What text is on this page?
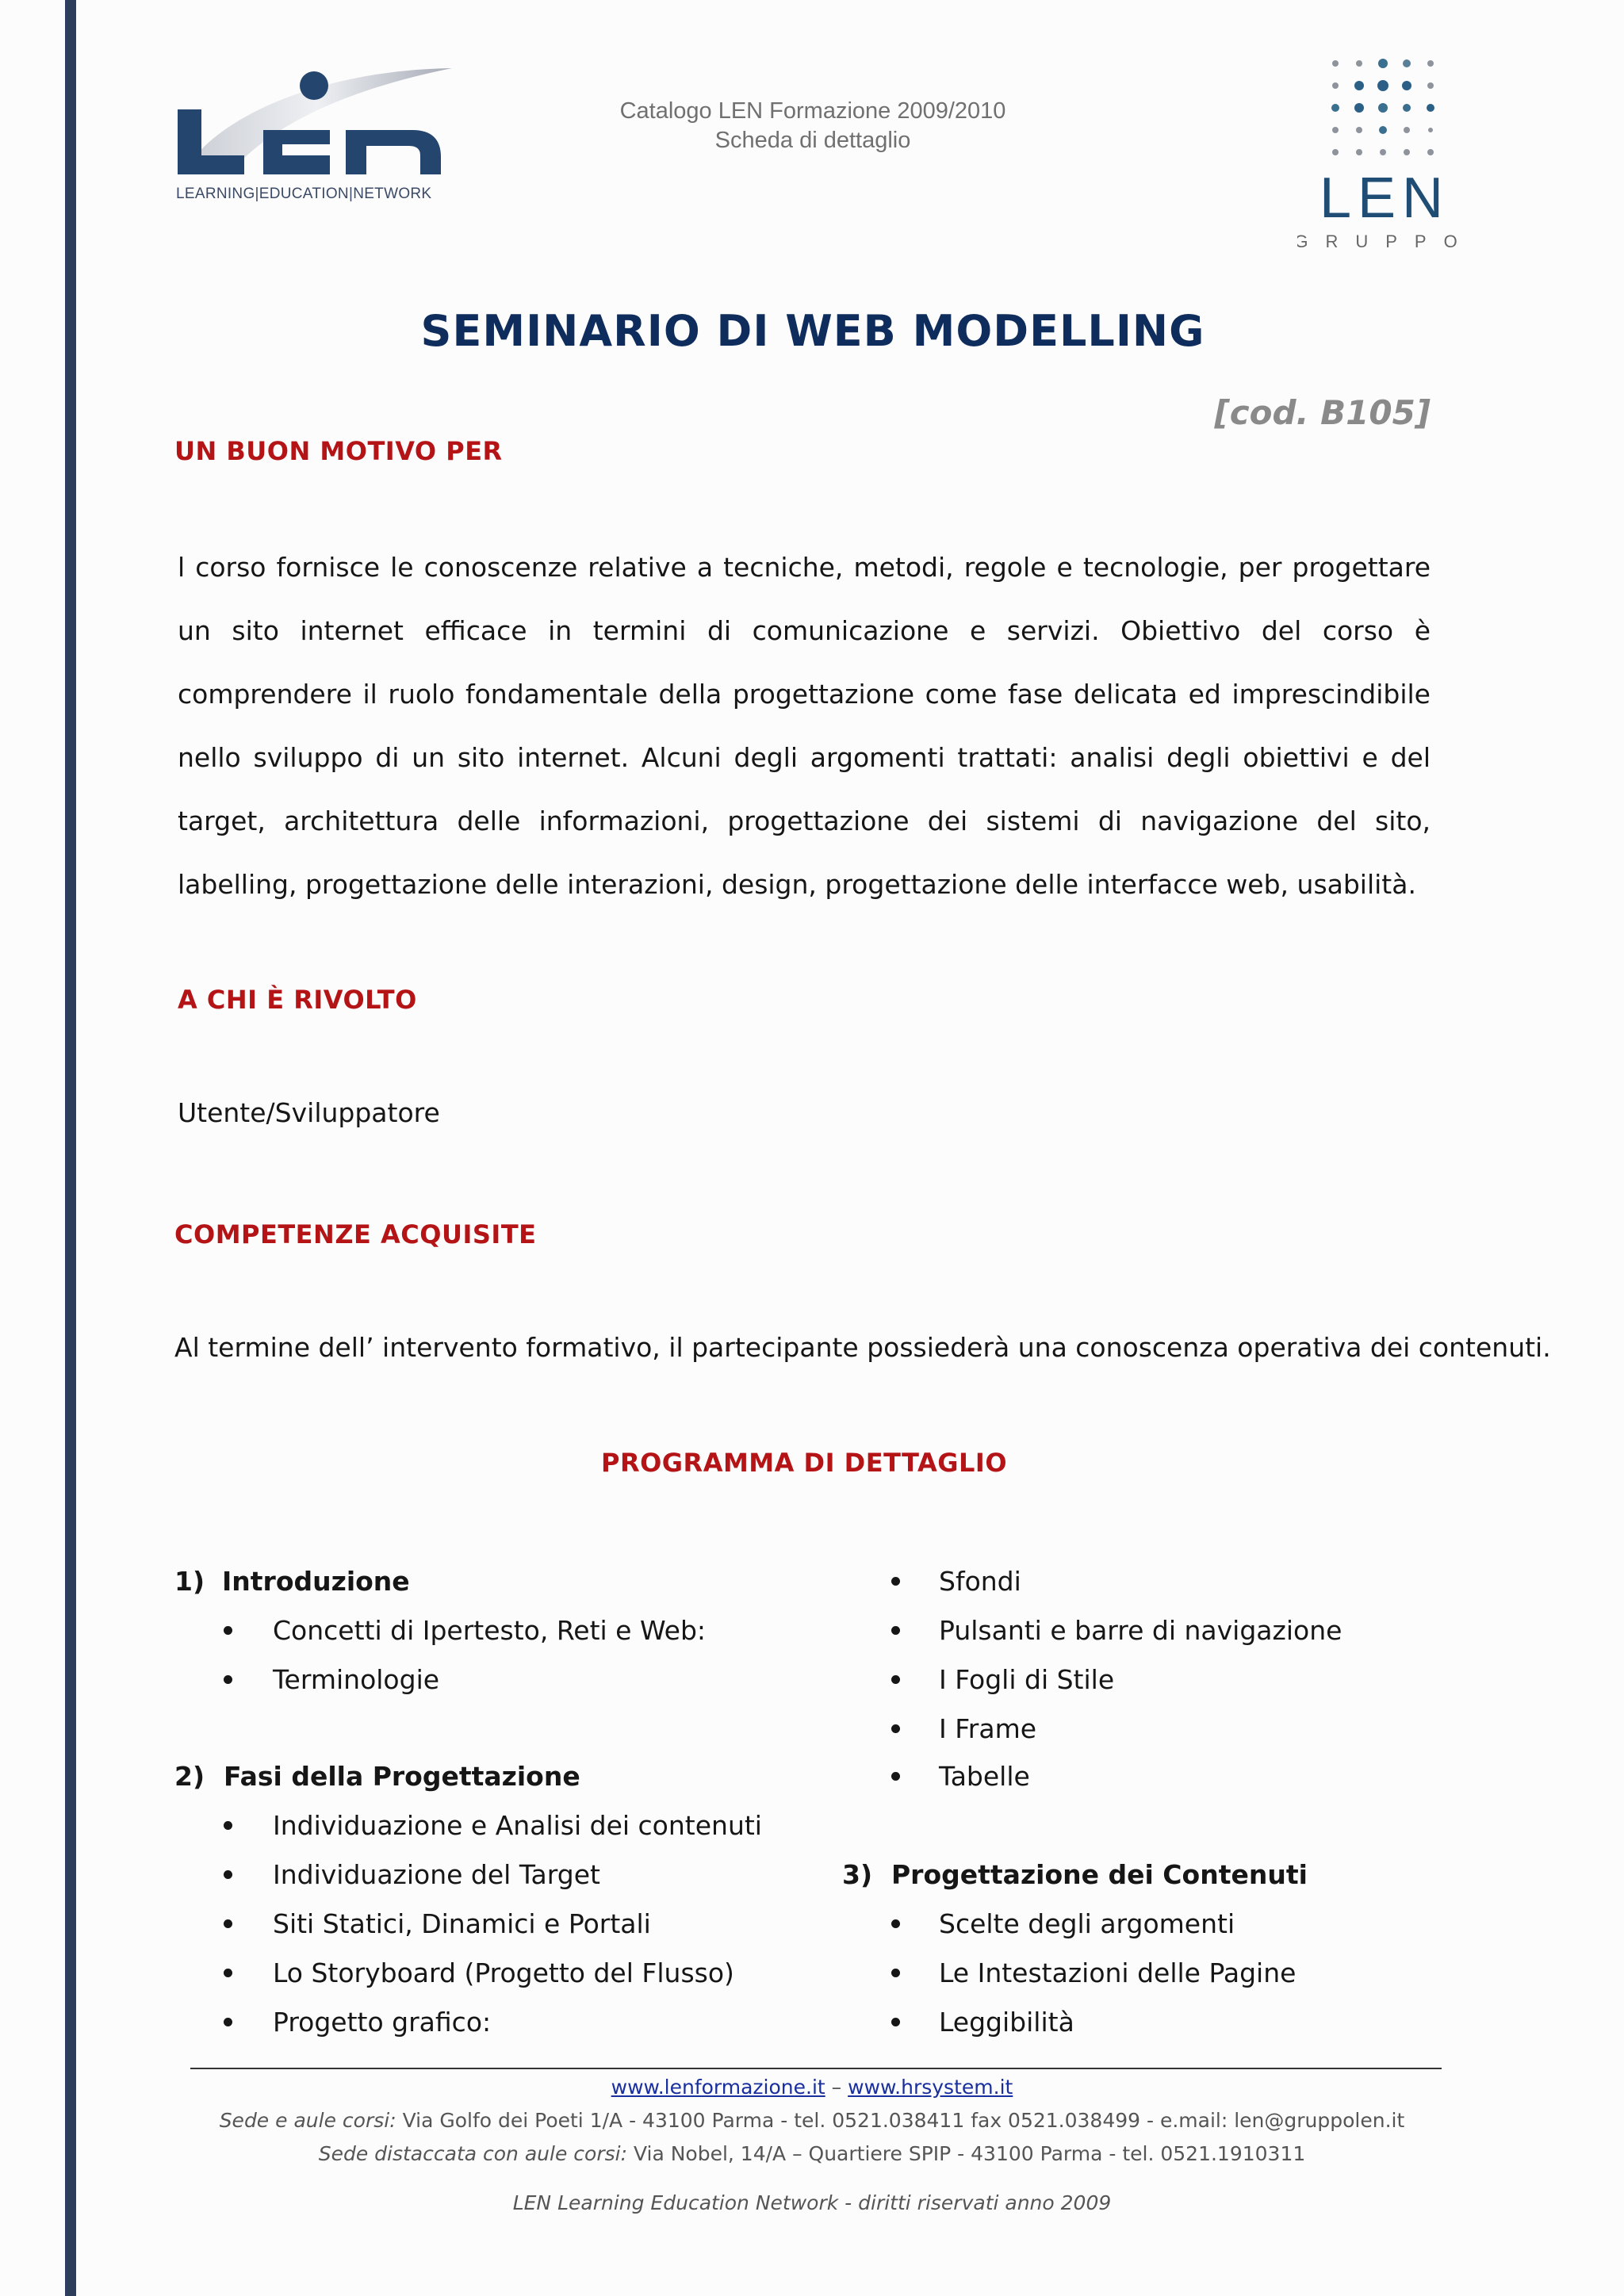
LEARNING|EDUCATION|NETWORK
Catalogo LEN Formazione 2009/2010
Scheda di dettaglio
LEN
GRUPPO
SEMINARIO DI WEB MODELLING
[cod. B105]
UN BUON MOTIVO PER
l corso fornisce le conoscenze relative a tecniche, metodi, regole e tecnologie, per progettare un sito internet efficace in termini di comunicazione e servizi. Obiettivo del corso è comprendere il ruolo fondamentale della progettazione come fase delicata ed imprescindibile nello sviluppo di un sito internet. Alcuni degli argomenti trattati: analisi degli obiettivi e del target, architettura delle informazioni, progettazione dei sistemi di navigazione del sito, labelling, progettazione delle interazioni, design, progettazione delle interfacce web, usabilità.
A CHI È RIVOLTO
Utente/Sviluppatore
COMPETENZE ACQUISITE
Al termine dell’ intervento formativo, il partecipante possiederà una conoscenza operativa dei contenuti.
PROGRAMMA DI DETTAGLIO
1) Introduzione
Concetti di Ipertesto, Reti e Web:
Terminologie
2) Fasi della Progettazione
Individuazione e Analisi dei contenuti
Individuazione del Target
Siti Statici, Dinamici e Portali
Lo Storyboard (Progetto del Flusso)
Progetto grafico:
Sfondi
Pulsanti e barre di navigazione
I Fogli di Stile
I Frame
Tabelle
3) Progettazione dei Contenuti
Scelte degli argomenti
Le Intestazioni delle Pagine
Leggibilità
www.lenformazione.it – www.hrsystem.it
Sede e aule corsi: Via Golfo dei Poeti 1/A - 43100 Parma - tel. 0521.038411 fax 0521.038499 - e.mail: len@gruppolen.it
Sede distaccata con aule corsi: Via Nobel, 14/A – Quartiere SPIP - 43100 Parma - tel. 0521.1910311
LEN Learning Education Network - diritti riservati anno 2009
